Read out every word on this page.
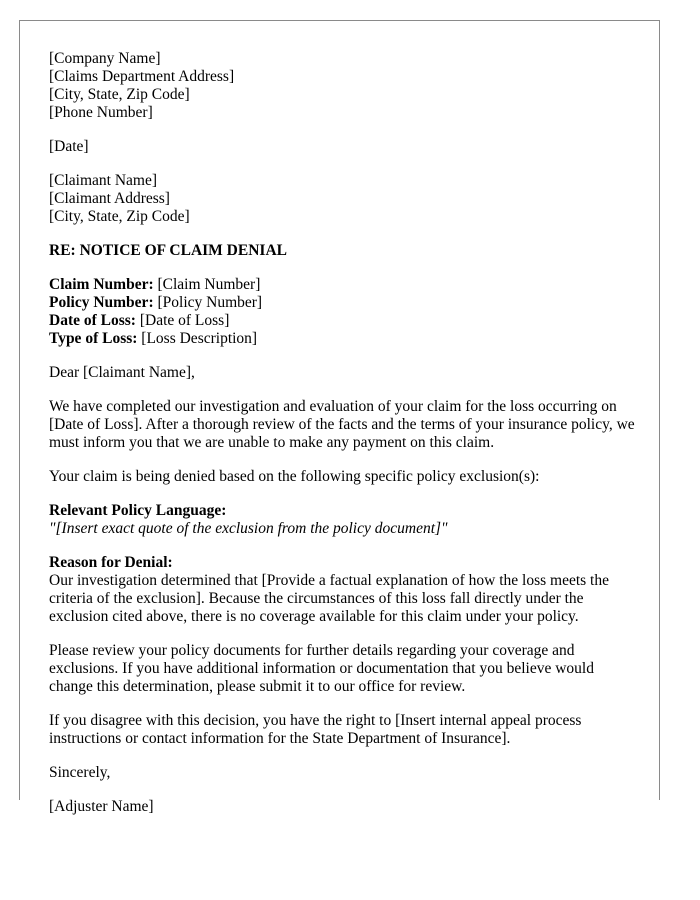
[Company Name]
[Claims Department Address]
[City, State, Zip Code]
[Phone Number]

[Date]

[Claimant Name]
[Claimant Address]
[City, State, Zip Code]

RE: NOTICE OF CLAIM DENIAL

Claim Number: [Claim Number]
Policy Number: [Policy Number]
Date of Loss: [Date of Loss]
Type of Loss: [Loss Description]

Dear [Claimant Name],

We have completed our investigation and evaluation of your claim for the loss occurring on [Date of Loss]. After a thorough review of the facts and the terms of your insurance policy, we must inform you that we are unable to make any payment on this claim.

Your claim is being denied based on the following specific policy exclusion(s):

Relevant Policy Language:
"[Insert exact quote of the exclusion from the policy document]"

Reason for Denial:
Our investigation determined that [Provide a factual explanation of how the loss meets the criteria of the exclusion]. Because the circumstances of this loss fall directly under the exclusion cited above, there is no coverage available for this claim under your policy.

Please review your policy documents for further details regarding your coverage and exclusions. If you have additional information or documentation that you believe would change this determination, please submit it to our office for review.

If you disagree with this decision, you have the right to [Insert internal appeal process instructions or contact information for the State Department of Insurance].

Sincerely,

[Adjuster Name]
